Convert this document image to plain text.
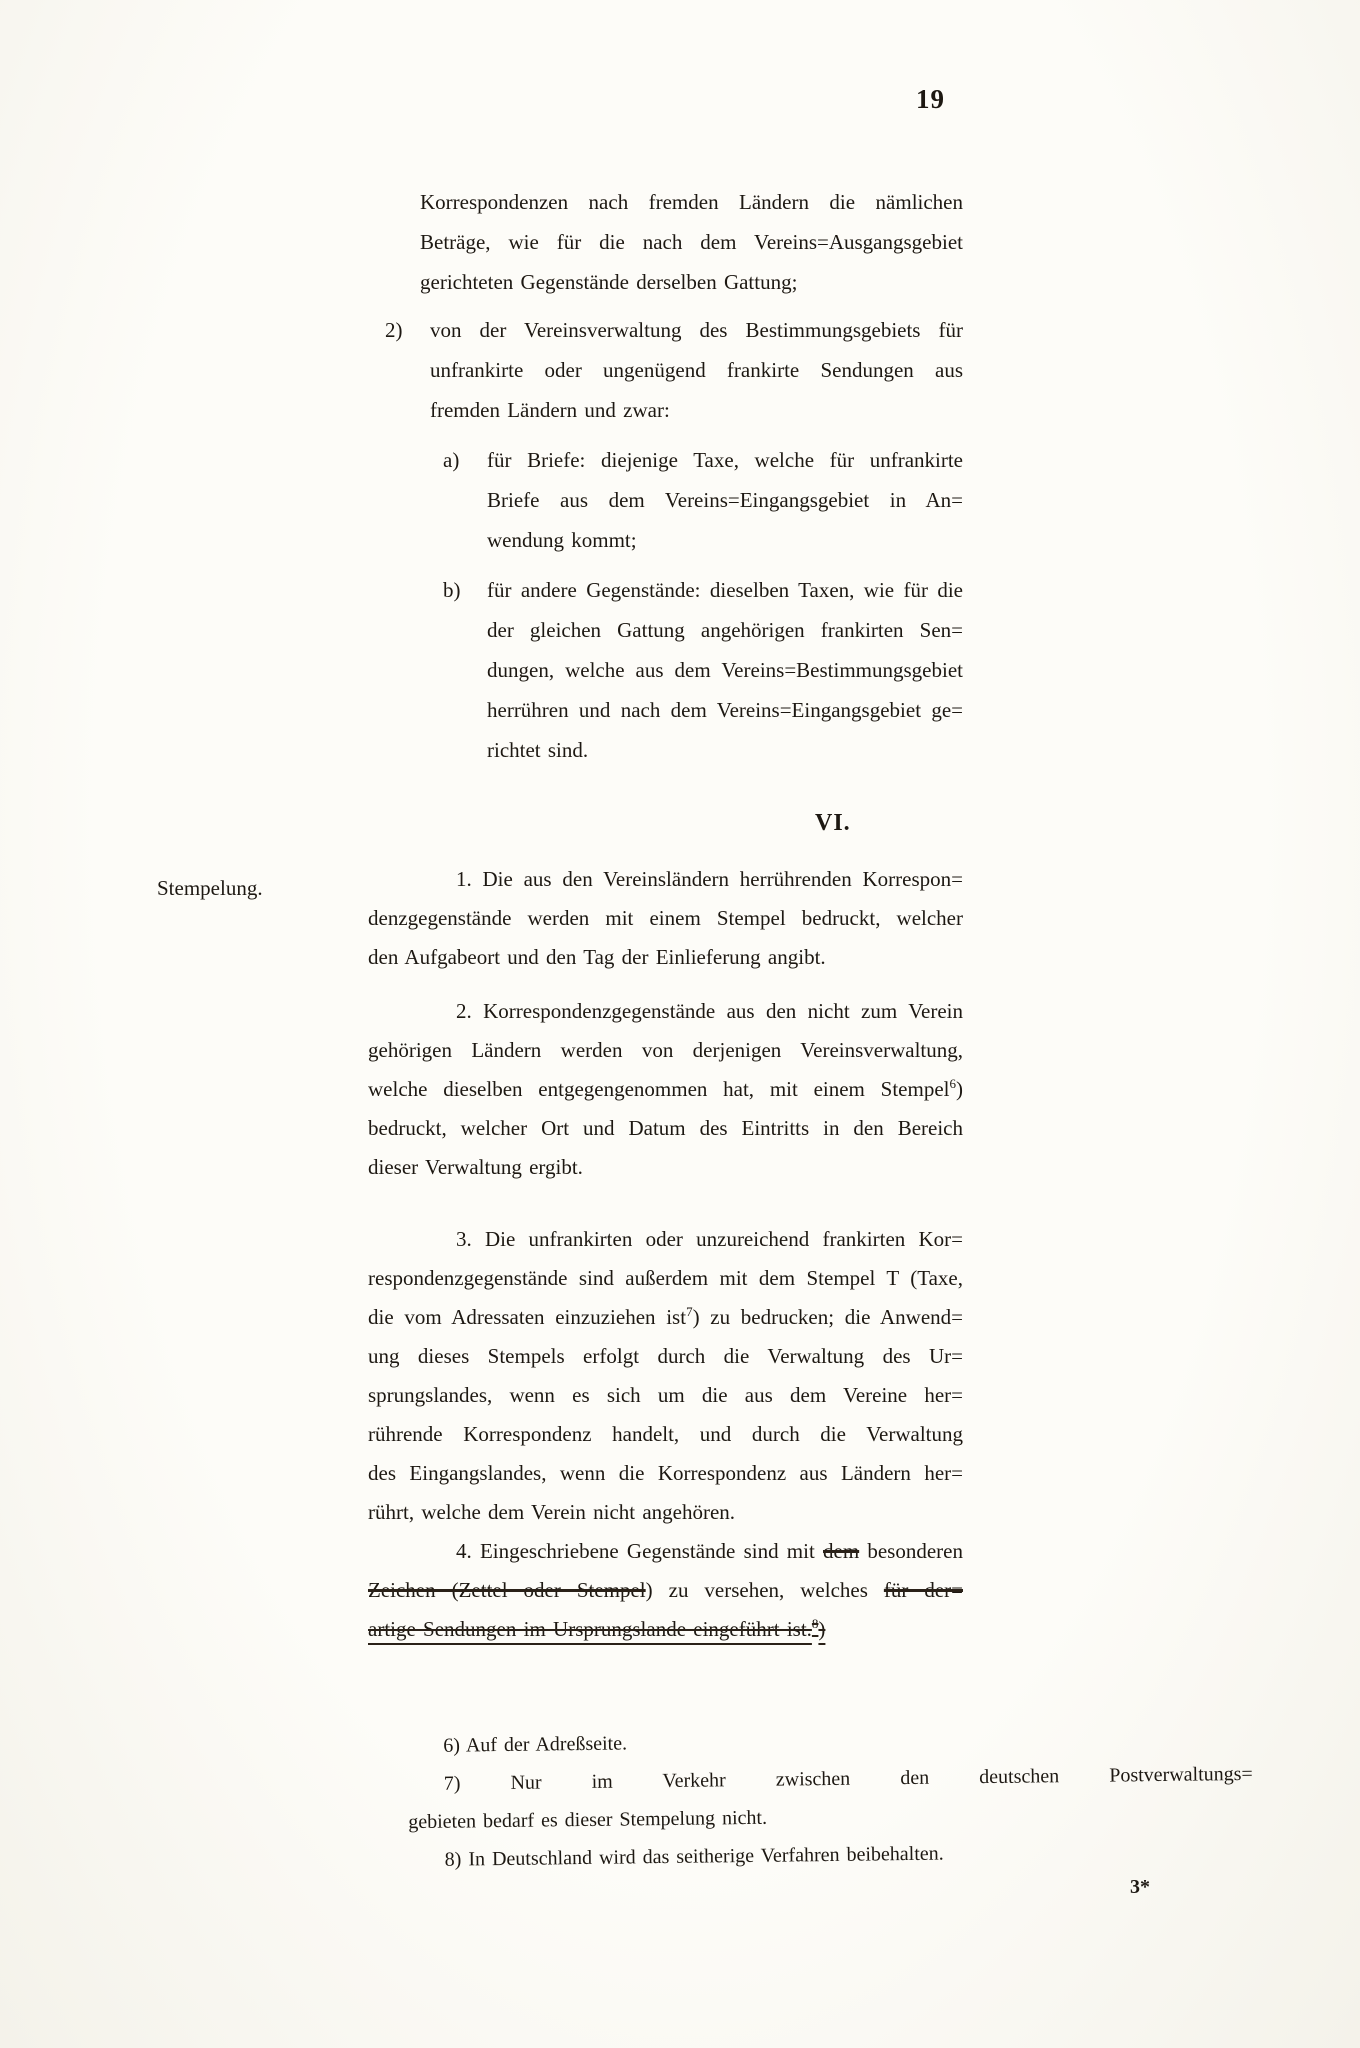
19
Stempelung.
Korrespondenzen nach fremden Ländern die nämlichen
Beträge, wie für die nach dem Vereins=Ausgangsgebiet
gerichteten Gegenstände derselben Gattung;
2) von der Vereinsverwaltung des Bestimmungsgebiets für
unfrankirte oder ungenügend frankirte Sendungen aus
fremden Ländern und zwar:
a) für Briefe: diejenige Taxe, welche für unfrankirte
Briefe aus dem Vereins=Eingangsgebiet in An=
wendung kommt;
b) für andere Gegenstände: dieselben Taxen, wie für die
der gleichen Gattung angehörigen frankirten Sen=
dungen, welche aus dem Vereins=Bestimmungsgebiet
herrühren und nach dem Vereins=Eingangsgebiet ge=
richtet sind.
VI.
1. Die aus den Vereinsländern herrührenden Korrespon=
denzgegenstände werden mit einem Stempel bedruckt, welcher
den Aufgabeort und den Tag der Einlieferung angibt.
2. Korrespondenzgegenstände aus den nicht zum Verein
gehörigen Ländern werden von derjenigen Vereinsverwaltung,
welche dieselben entgegengenommen hat, mit einem Stempel$^6$)
bedruckt, welcher Ort und Datum des Eintritts in den Bereich
dieser Verwaltung ergibt.
3. Die unfrankirten oder unzureichend frankirten Kor=
respondenzgegenstände sind außerdem mit dem Stempel T (Taxe,
die vom Adressaten einzuziehen ist$^7$) zu bedrucken; die Anwend=
ung dieses Stempels erfolgt durch die Verwaltung des Ur=
sprungslandes, wenn es sich um die aus dem Vereine her=
rührende Korrespondenz handelt, und durch die Verwaltung
des Eingangslandes, wenn die Korrespondenz aus Ländern her=
rührt, welche dem Verein nicht angehören.
4. Eingeschriebene Gegenstände sind mit dem besonderen
Zeichen (Zettel oder Stempel) zu versehen, welches für der=
artige Sendungen im Ursprungslande eingeführt ist.$^8$)
6) Auf der Adreßseite.
7) Nur im Verkehr zwischen den deutschen Postverwaltungs=
gebieten bedarf es dieser Stempelung nicht.
8) In Deutschland wird das seitherige Verfahren beibehalten.
3*
